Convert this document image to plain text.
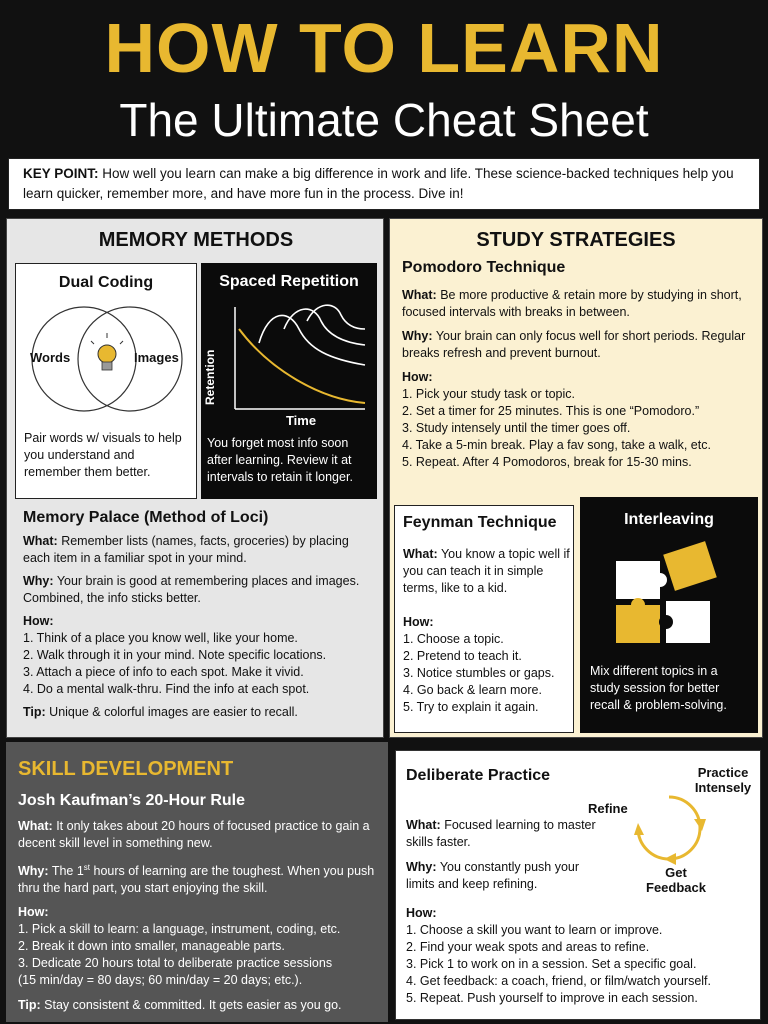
HOW TO LEARN
The Ultimate Cheat Sheet
KEY POINT: How well you learn can make a big difference in work and life. These science-backed techniques help you learn quicker, remember more, and have more fun in the process. Dive in!
MEMORY METHODS
Dual Coding
Words	Images
Pair words w/ visuals to help you understand and remember them better.
Spaced Repetition
Retention
Time
You forget most info soon after learning. Review it at intervals to retain it longer.
Memory Palace (Method of Loci)
What: Remember lists (names, facts, groceries) by placing each item in a familiar spot in your mind.
Why: Your brain is good at remembering places and images. Combined, the info sticks better.
How:
1. Think of a place you know well, like your home.
2. Walk through it in your mind. Note specific locations.
3. Attach a piece of info to each spot. Make it vivid.
4. Do a mental walk-thru. Find the info at each spot.
Tip: Unique & colorful images are easier to recall.
STUDY STRATEGIES
Pomodoro Technique
What: Be more productive & retain more by studying in short, focused intervals with breaks in between.
Why: Your brain can only focus well for short periods. Regular breaks refresh and prevent burnout.
How:
1. Pick your study task or topic.
2. Set a timer for 25 minutes. This is one “Pomodoro.”
3. Study intensely until the timer goes off.
4. Take a 5-min break. Play a fav song, take a walk, etc.
5. Repeat. After 4 Pomodoros, break for 15-30 mins.
Feynman Technique
What: You know a topic well if you can teach it in simple terms, like to a kid.
How:
1. Choose a topic.
2. Pretend to teach it.
3. Notice stumbles or gaps.
4. Go back & learn more.
5. Try to explain it again.
Interleaving
Mix different topics in a study session for better recall & problem-solving.
SKILL DEVELOPMENT
Josh Kaufman’s 20-Hour Rule
What: It only takes about 20 hours of focused practice to gain a decent skill level in something new.
Why: The 1st hours of learning are the toughest. When you push thru the hard part, you start enjoying the skill.
How:
1. Pick a skill to learn: a language, instrument, coding, etc.
2. Break it down into smaller, manageable parts.
3. Dedicate 20 hours total to deliberate practice sessions
(15 min/day = 80 days; 60 min/day = 20 days; etc.).
Tip: Stay consistent & committed. It gets easier as you go.
Deliberate Practice
What: Focused learning to master skills faster.
Why: You constantly push your limits and keep refining.
Practice Intensely
Refine
Get Feedback
How:
1. Choose a skill you want to learn or improve.
2. Find your weak spots and areas to refine.
3. Pick 1 to work on in a session. Set a specific goal.
4. Get feedback: a coach, friend, or film/watch yourself.
5. Repeat. Push yourself to improve in each session.
